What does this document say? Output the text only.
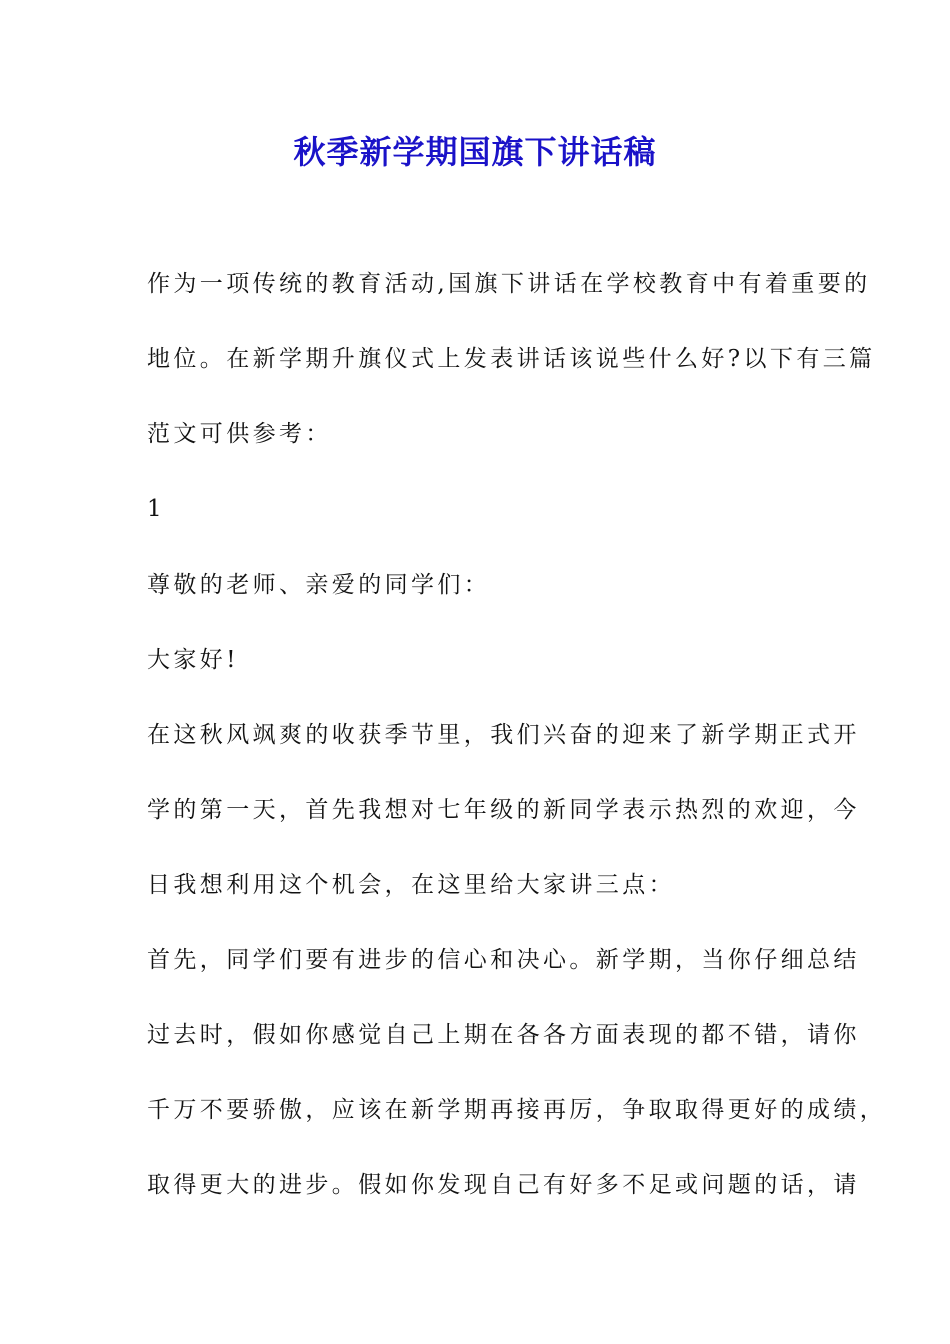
秋季新学期国旗下讲话稿
作为一项传统的教育活动,国旗下讲话在学校教育中有着重要的
地位。在新学期升旗仪式上发表讲话该说些什么好?以下有三篇
范文可供参考：
1
尊敬的老师、亲爱的同学们：
大家好!
在这秋风飒爽的收获季节里，我们兴奋的迎来了新学期正式开
学的第一天，首先我想对七年级的新同学表示热烈的欢迎，今
日我想利用这个机会，在这里给大家讲三点：
首先，同学们要有进步的信心和决心。新学期，当你仔细总结
过去时，假如你感觉自己上期在各各方面表现的都不错，请你
千万不要骄傲，应该在新学期再接再厉，争取取得更好的成绩，
取得更大的进步。假如你发现自己有好多不足或问题的话，请
